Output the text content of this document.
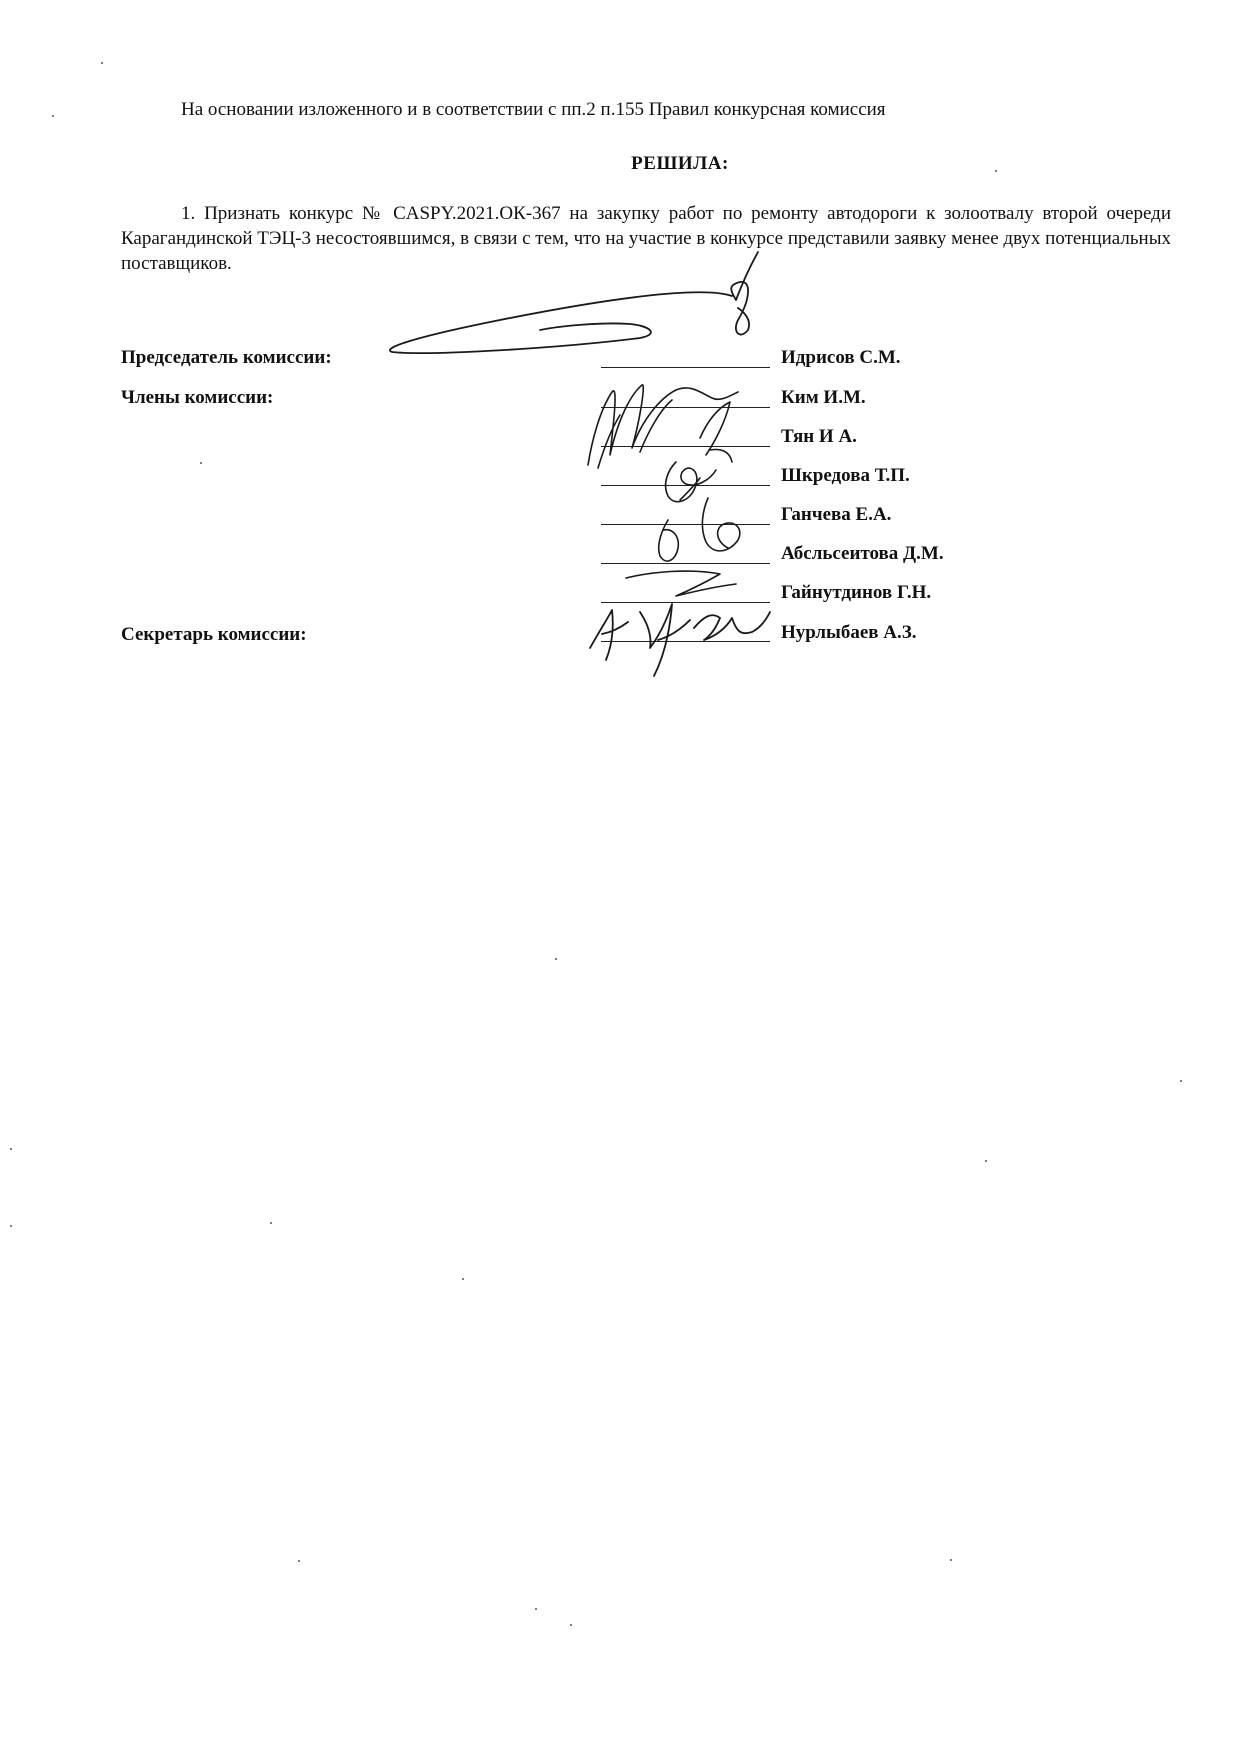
На основании изложенного и в соответствии с пп.2 п.155 Правил конкурсная комиссия
РЕШИЛА:
1. Признать конкурс № CASPY.2021.ОК-367 на закупку работ по ремонту автодороги к золоотвалу второй очереди Карагандинской ТЭЦ-3 несостоявшимся, в связи с тем, что на участие в конкурсе представили заявку менее двух потенциальных поставщиков.
Председатель комиссии:
Члены комиссии:
Секретарь комиссии:
Идрисов С.М.
Ким И.М.
Тян И А.
Шкредова Т.П.
Ганчева Е.А.
Абсльсеитова Д.М.
Гайнутдинов Г.Н.
Нурлыбаев А.З.
